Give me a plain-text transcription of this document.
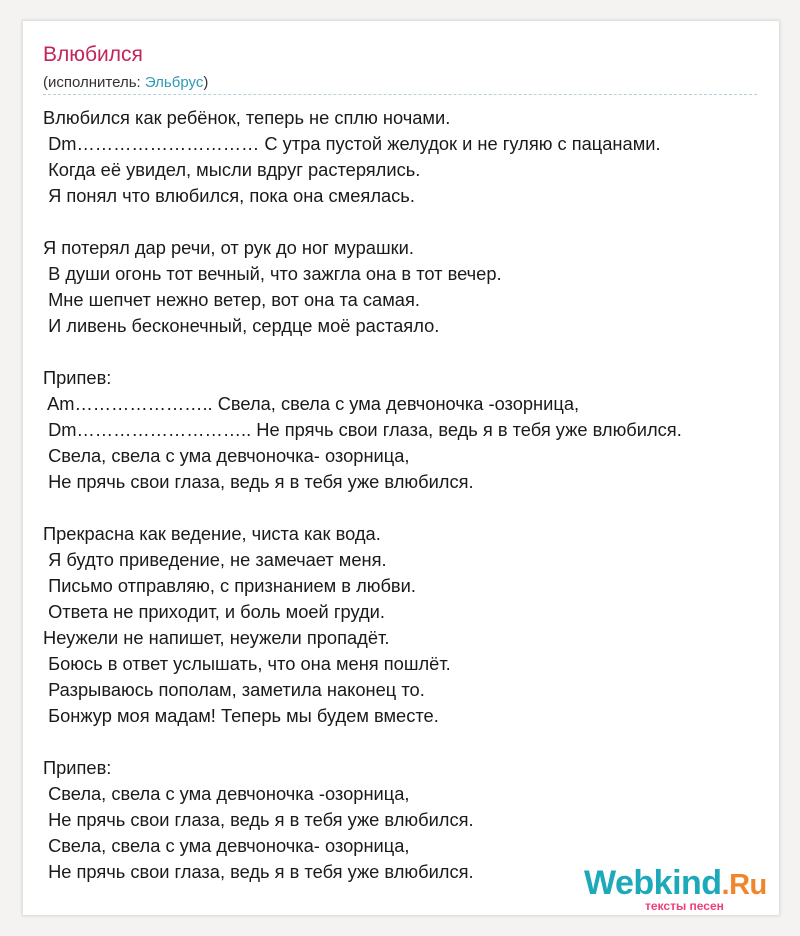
Влюбился
(исполнитель: Эльбрус)
Влюбился как ребёнок, теперь не сплю ночами.
Dm………………………… С утра пустой желудок и не гуляю с пацанами.
Когда её увидел, мысли вдруг растерялись.
Я понял что влюбился, пока она смеялась.
Я потерял дар речи, от рук до ног мурашки.
В души огонь тот вечный, что зажгла она в тот вечер.
Мне шепчет нежно ветер, вот она та самая.
И ливень бесконечный, сердце моё растаяло.
Припев:
Am………………….. Свела, свела с ума девчоночка -озорница,
Dm……………………….. Не прячь свои глаза, ведь я в тебя уже влюбился.
Свела, свела с ума девчоночка- озорница,
Не прячь свои глаза, ведь я в тебя уже влюбился.
Прекрасна как ведение, чиста как вода.
Я будто приведение, не замечает меня.
Письмо отправляю, с признанием в любви.
Ответа не приходит, и боль моей груди.
Неужели не напишет, неужели пропадёт.
Боюсь в ответ услышать, что она меня пошлёт.
Разрываюсь пополам, заметила наконец то.
Бонжур моя мадам! Теперь мы будем вместе.
Припев:
Свела, свела с ума девчоночка -озорница,
Не прячь свои глаза, ведь я в тебя уже влюбился.
Свела, свела с ума девчоночка- озорница,
Не прячь свои глаза, ведь я в тебя уже влюбился.	Webkind.Ru
тексты песен
